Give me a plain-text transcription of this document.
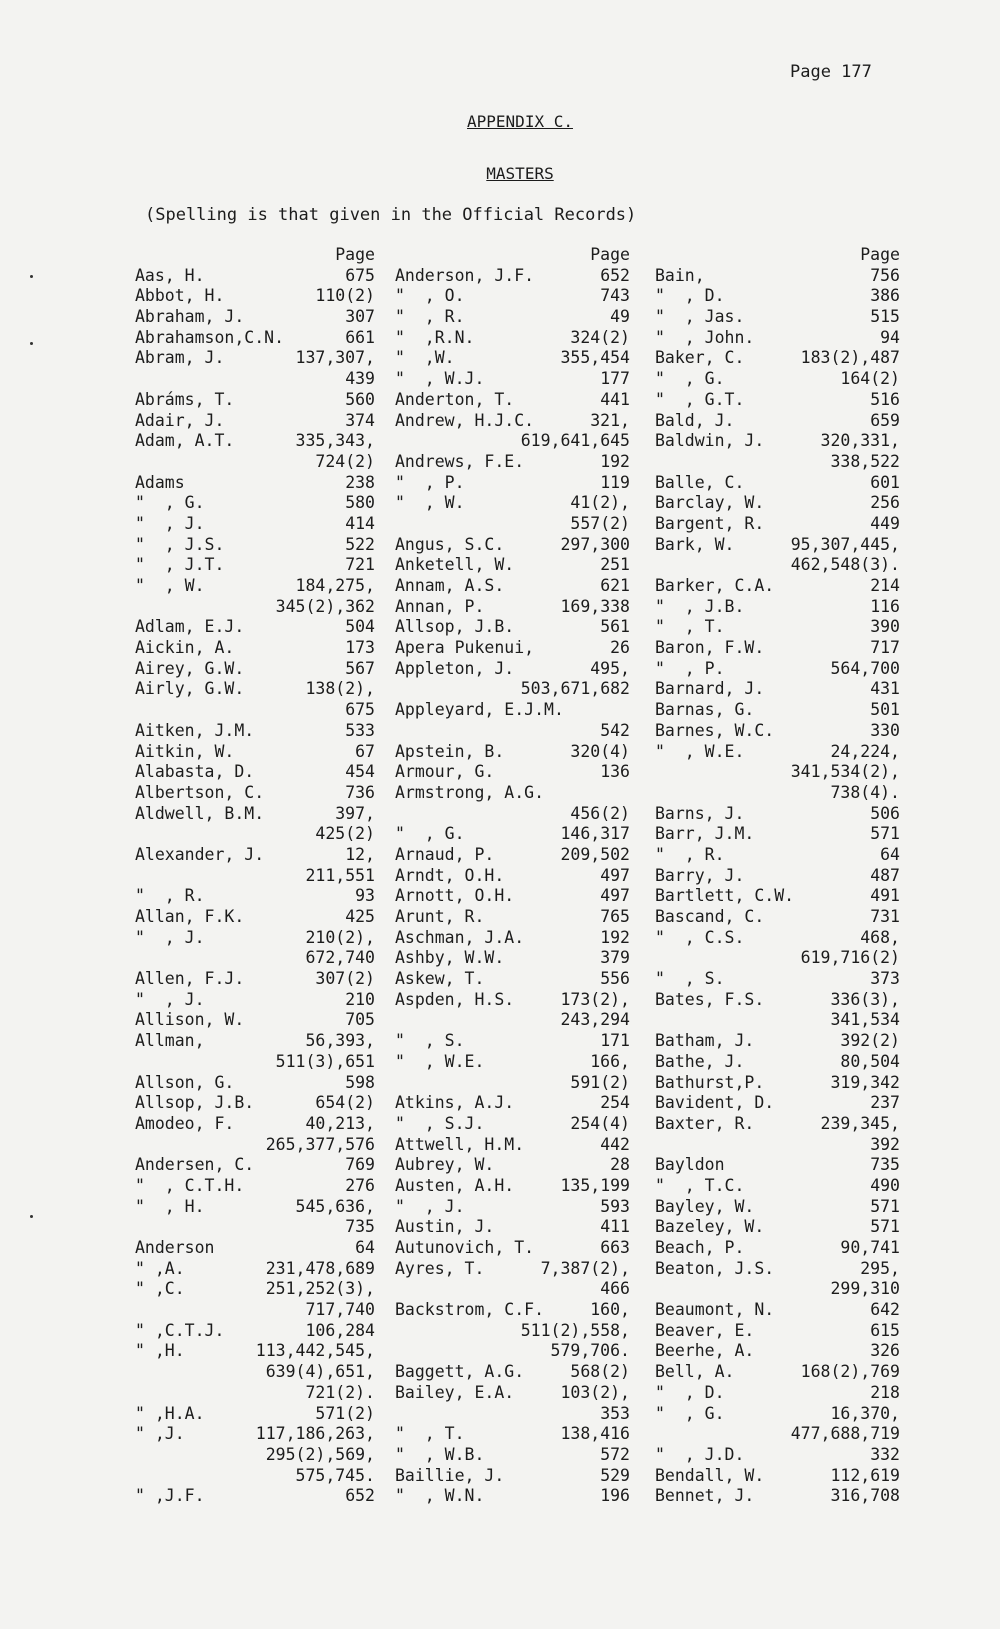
Page 177
APPENDIX C.
MASTERS
(Spelling is that given in the Official Records)
Page
Aas, H.	675
Abbot, H.	110(2)
Abraham, J.	307
Abrahamson,C.N.	661
Abram, J.	137,307,
439
Abráms, T.	560
Adair, J.	374
Adam, A.T.	335,343,
724(2)
Adams	238
"  , G.	580
"  , J.	414
"  , J.S.	522
"  , J.T.	721
"  , W.	184,275,
345(2),362
Adlam, E.J.	504
Aickin, A.	173
Airey, G.W.	567
Airly, G.W.	138(2),
675
Aitken, J.M.	533
Aitkin, W.	67
Alabasta, D.	454
Albertson, C.	736
Aldwell, B.M.	397,
425(2)
Alexander, J.	12,
211,551
"  , R.	93
Allan, F.K.	425
"  , J.	210(2),
672,740
Allen, F.J.	307(2)
"  , J.	210
Allison, W.	705
Allman,	56,393,
511(3),651
Allson, G.	598
Allsop, J.B.	654(2)
Amodeo, F.	40,213,
265,377,576
Andersen, C.	769
"  , C.T.H.	276
"  , H.	545,636,
735
Anderson	64
" ,A.	231,478,689
" ,C.	251,252(3),
717,740
" ,C.T.J.	106,284
" ,H.	113,442,545,
639(4),651,
721(2).
" ,H.A.	571(2)
" ,J.	117,186,263,
295(2),569,
575,745.
" ,J.F.	652
Page
Anderson, J.F.	652
"  , O.	743
"  , R.	49
"  ,R.N.	324(2)
"  ,W.	355,454
"  , W.J.	177
Anderton, T.	441
Andrew, H.J.C.	321,
619,641,645
Andrews, F.E.	192
"  , P.	119
"  , W.	41(2),
557(2)
Angus, S.C.	297,300
Anketell, W.	251
Annam, A.S.	621
Annan, P.	169,338
Allsop, J.B.	561
Apera Pukenui,	26
Appleton, J.	495,
503,671,682
Appleyard, E.J.M.
542
Apstein, B.	320(4)
Armour, G.	136
Armstrong, A.G.
456(2)
"  , G.	146,317
Arnaud, P.	209,502
Arndt, O.H.	497
Arnott, O.H.	497
Arunt, R.	765
Aschman, J.A.	192
Ashby, W.W.	379
Askew, T.	556
Aspden, H.S.	173(2),
243,294
"  , S.	171
"  , W.E.	166,
591(2)
Atkins, A.J.	254
"  , S.J.	254(4)
Attwell, H.M.	442
Aubrey, W.	28
Austen, A.H.	135,199
"  , J.	593
Austin, J.	411
Autunovich, T.	663
Ayres, T.	7,387(2),
466
Backstrom, C.F.	160,
511(2),558,
579,706.
Baggett, A.G.	568(2)
Bailey, E.A.	103(2),
353
"  , T.	138,416
"  , W.B.	572
Baillie, J.	529
"  , W.N.	196
Page
Bain,	756
"  , D.	386
"  , Jas.	515
"  , John.	94
Baker, C.	183(2),487
"  , G.	164(2)
"  , G.T.	516
Bald, J.	659
Baldwin, J.	320,331,
338,522
Balle, C.	601
Barclay, W.	256
Bargent, R.	449
Bark, W.	95,307,445,
462,548(3).
Barker, C.A.	214
"  , J.B.	116
"  , T.	390
Baron, F.W.	717
"  , P.	564,700
Barnard, J.	431
Barnas, G.	501
Barnes, W.C.	330
"  , W.E.	24,224,
341,534(2),
738(4).
Barns, J.	506
Barr, J.M.	571
"  , R.	64
Barry, J.	487
Bartlett, C.W.	491
Bascand, C.	731
"  , C.S.	468,
619,716(2)
"  , S.	373
Bates, F.S.	336(3),
341,534
Batham, J.	392(2)
Bathe, J.	80,504
Bathurst,P.	319,342
Bavident, D.	237
Baxter, R.	239,345,
392
Bayldon	735
"  , T.C.	490
Bayley, W.	571
Bazeley, W.	571
Beach, P.	90,741
Beaton, J.S.	295,
299,310
Beaumont, N.	642
Beaver, E.	615
Beerhe, A.	326
Bell, A.	168(2),769
"  , D.	218
"  , G.	16,370,
477,688,719
"  , J.D.	332
Bendall, W.	112,619
Bennet, J.	316,708
